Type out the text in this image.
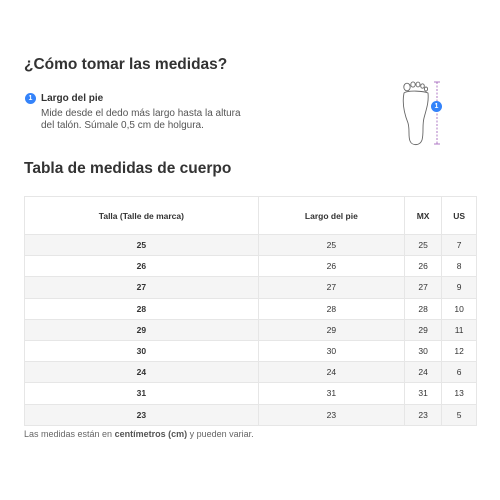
¿Cómo tomar las medidas?
1 Largo del pie
Mide desde el dedo más largo hasta la altura del talón. Súmale 0,5 cm de holgura.
1
Tabla de medidas de cuerpo
Talla (Talle de marca)	Largo del pie	MX	US
25	25	25	7
26	26	26	8
27	27	27	9
28	28	28	10
29	29	29	11
30	30	30	12
24	24	24	6
31	31	31	13
23	23	23	5
Las medidas están en centímetros (cm) y pueden variar.
